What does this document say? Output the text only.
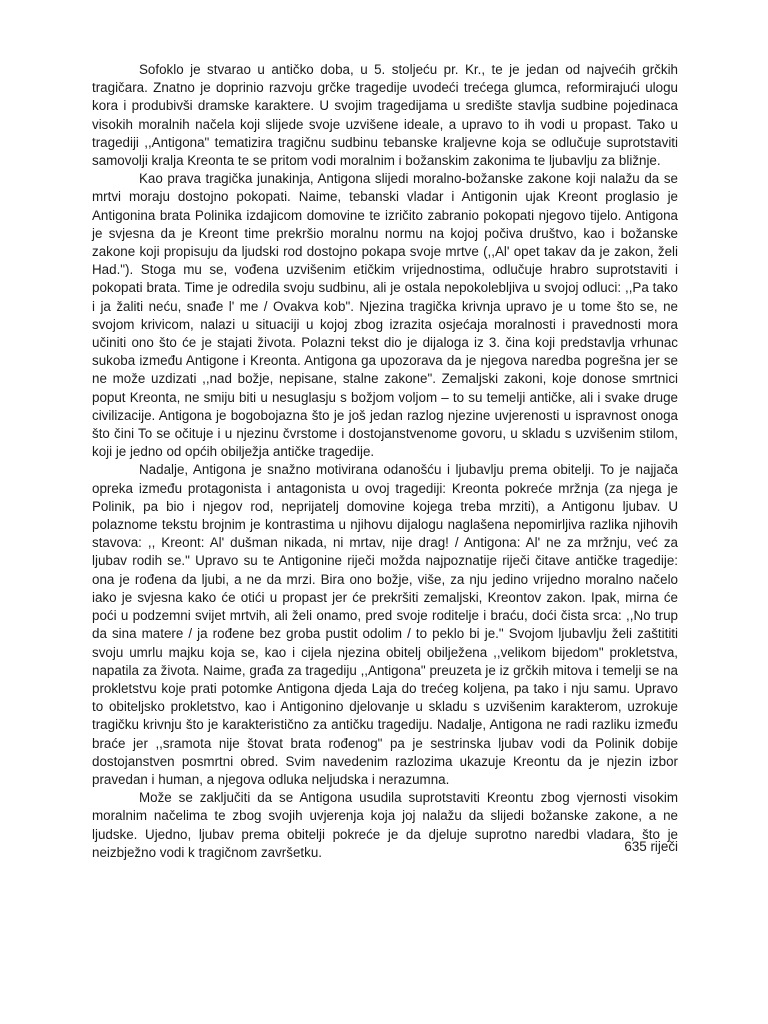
Sofoklo je stvarao u antičko doba, u 5. stoljeću pr. Kr., te je jedan od najvećih grčkih tragičara. Znatno je doprinio razvoju grčke tragedije uvodeći trećega glumca, reformirajući ulogu kora i produbivši dramske karaktere. U svojim tragedijama u središte stavlja sudbine pojedinaca visokih moralnih načela koji slijede svoje uzvišene ideale, a upravo to ih vodi u propast. Tako u tragediji ,,Antigona" tematizira tragičnu sudbinu tebanske kraljevne koja se odlučuje suprotstaviti samovolji kralja Kreonta te se pritom vodi moralnim i božanskim zakonima te ljubavlju za bližnje.

Kao prava tragička junakinja, Antigona slijedi moralno-božanske zakone koji nalažu da se mrtvi moraju dostojno pokopati. Naime, tebanski vladar i Antigonin ujak Kreont proglasio je Antigonina brata Polinika izdajicom domovine te izričito zabranio pokopati njegovo tijelo. Antigona je svjesna da je Kreont time prekršio moralnu normu na kojoj počiva društvo, kao i božanske zakone koji propisuju da ljudski rod dostojno pokapa svoje mrtve (,,Al' opet takav da je zakon, želi Had."). Stoga mu se, vođena uzvišenim etičkim vrijednostima, odlučuje hrabro suprotstaviti i pokopati brata. Time je odredila svoju sudbinu, ali je ostala nepokolebljiva u svojoj odluci: ,,Pa tako i ja žaliti neću, snađe l' me / Ovakva kob". Njezina tragička krivnja upravo je u tome što se, ne svojom krivicom, nalazi u situaciji u kojoj zbog izrazita osjećaja moralnosti i pravednosti mora učiniti ono što će je stajati života. Polazni tekst dio je dijaloga iz 3. čina koji predstavlja vrhunac sukoba između Antigone i Kreonta. Antigona ga upozorava da je njegova naredba pogrešna jer se ne može uzdizati ,,nad božje, nepisane, stalne zakone". Zemaljski zakoni, koje donose smrtnici poput Kreonta, ne smiju biti u nesuglasju s božjom voljom – to su temelji antičke, ali i svake druge civilizacije. Antigona je bogobojazna što je još jedan razlog njezine uvjerenosti u ispravnost onoga što čini To se očituje i u njezinu čvrstome i dostojanstvenome govoru, u skladu s uzvišenim stilom, koji je jedno od općih obilježja antičke tragedije.

Nadalje, Antigona je snažno motivirana odanošću i ljubavlju prema obitelji. To je najjača opreka između protagonista i antagonista u ovoj tragediji: Kreonta pokreće mržnja (za njega je Polinik, pa bio i njegov rod, neprijatelj domovine kojega treba mrziti), a Antigonu ljubav. U polaznome tekstu brojnim je kontrastima u njihovu dijalogu naglašena nepomirljiva razlika njihovih stavova: ,, Kreont: Al' dušman nikada, ni mrtav, nije drag! / Antigona: Al' ne za mržnju, već za ljubav rodih se." Upravo su te Antigonine riječi možda najpoznatije riječi čitave antičke tragedije: ona je rođena da ljubi, a ne da mrzi. Bira ono božje, više, za nju jedino vrijedno moralno načelo iako je svjesna kako će otići u propast jer će prekršiti zemaljski, Kreontov zakon. Ipak, mirna će poći u podzemni svijet mrtvih, ali želi onamo, pred svoje roditelje i braću, doći čista srca: ,,No trup da sina matere / ja rođene bez groba pustit odolim / to peklo bi je." Svojom ljubavlju želi zaštititi svoju umrlu majku koja se, kao i cijela njezina obitelj obilježena ,,velikom bijedom" prokletstva, napatila za života. Naime, građa za tragediju ,,Antigona" preuzeta je iz grčkih mitova i temelji se na prokletstvu koje prati potomke Antigona djeda Laja do trećeg koljena, pa tako i nju samu. Upravo to obiteljsko prokletstvo, kao i Antigonino djelovanje u skladu s uzvišenim karakterom, uzrokuje tragičku krivnju što je karakteristično za antičku tragediju. Nadalje, Antigona ne radi razliku između braće jer ,,sramota nije štovat brata rođenog" pa je sestrinska ljubav vodi da Polinik dobije dostojanstven posmrtni obred. Svim navedenim razlozima ukazuje Kreontu da je njezin izbor pravedan i human, a njegova odluka neljudska i nerazumna.

Može se zaključiti da se Antigona usudila suprotstaviti Kreontu zbog vjernosti visokim moralnim načelima te zbog svojih uvjerenja koja joj nalažu da slijedi božanske zakone, a ne ljudske. Ujedno, ljubav prema obitelji pokreće je da djeluje suprotno naredbi vladara, što je neizbježno vodi k tragičnom završetku.	635 riječi
